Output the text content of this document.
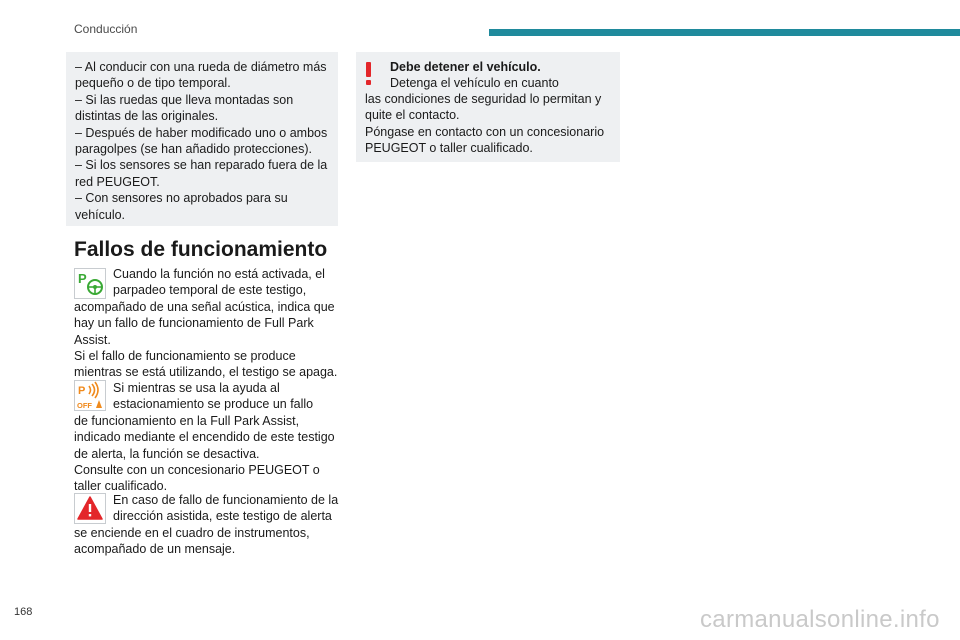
Conducción

– Al conducir con una rueda de diámetro más pequeño o de tipo temporal.

– Si las ruedas que lleva montadas son distintas de las originales.

– Después de haber modificado uno o ambos paragolpes (se han añadido protecciones).

– Si los sensores se han reparado fuera de la red PEUGEOT.

– Con sensores no aprobados para su vehículo.

Debe detener el vehículo.
Detenga el vehículo en cuanto

las condiciones de seguridad lo permitan y quite el contacto.

Póngase en contacto con un concesionario PEUGEOT o taller cualificado.

Fallos de funcionamiento
P Cuando la función no está activada, el parpadeo temporal de este testigo,

acompañado de una señal acústica, indica que hay un fallo de funcionamiento de Full Park Assist.

Si el fallo de funcionamiento se produce mientras se está utilizando, el testigo se apaga.

P
OFF

Si mientras se usa la ayuda al estacionamiento se produce un fallo

de funcionamiento en la Full Park Assist, indicado mediante el encendido de este testigo de alerta, la función se desactiva.

Consulte con un concesionario PEUGEOT o taller cualificado.

En caso de fallo de funcionamiento de la dirección asistida, este testigo de alerta

se enciende en el cuadro de instrumentos, acompañado de un mensaje.

168	carmanualsonline.info
